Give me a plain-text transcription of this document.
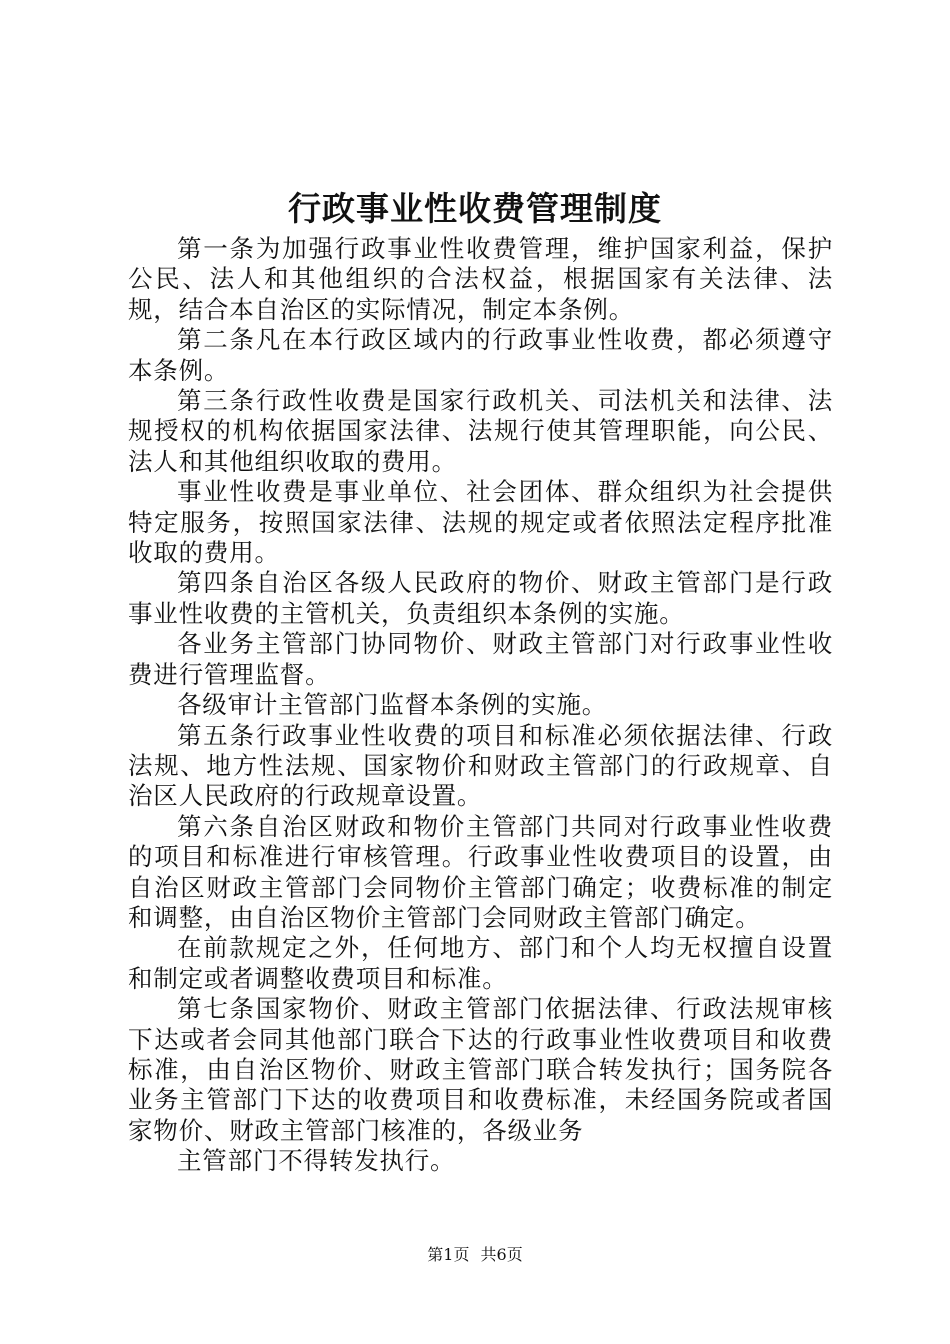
行政事业性收费管理制度

第一条为加强行政事业性收费管理，维护国家利益，保护公民、法人和其他组织的合法权益，根据国家有关法律、法规，结合本自治区的实际情况，制定本条例。

第二条凡在本行政区域内的行政事业性收费，都必须遵守本条例。

第三条行政性收费是国家行政机关、司法机关和法律、法规授权的机构依据国家法律、法规行使其管理职能，向公民、法人和其他组织收取的费用。

事业性收费是事业单位、社会团体、群众组织为社会提供特定服务，按照国家法律、法规的规定或者依照法定程序批准收取的费用。

第四条自治区各级人民政府的物价、财政主管部门是行政事业性收费的主管机关，负责组织本条例的实施。

各业务主管部门协同物价、财政主管部门对行政事业性收费进行管理监督。

各级审计主管部门监督本条例的实施。

第五条行政事业性收费的项目和标准必须依据法律、行政法规、地方性法规、国家物价和财政主管部门的行政规章、自治区人民政府的行政规章设置。

第六条自治区财政和物价主管部门共同对行政事业性收费的项目和标准进行审核管理。行政事业性收费项目的设置，由自治区财政主管部门会同物价主管部门确定；收费标准的制定和调整，由自治区物价主管部门会同财政主管部门确定。

在前款规定之外，任何地方、部门和个人均无权擅自设置和制定或者调整收费项目和标准。

第七条国家物价、财政主管部门依据法律、行政法规审核下达或者会同其他部门联合下达的行政事业性收费项目和收费标准，由自治区物价、财政主管部门联合转发执行；国务院各业务主管部门下达的收费项目和收费标准，未经国务院或者国家物价、财政主管部门核准的，各级业务

主管部门不得转发执行。

第1页 共6页
